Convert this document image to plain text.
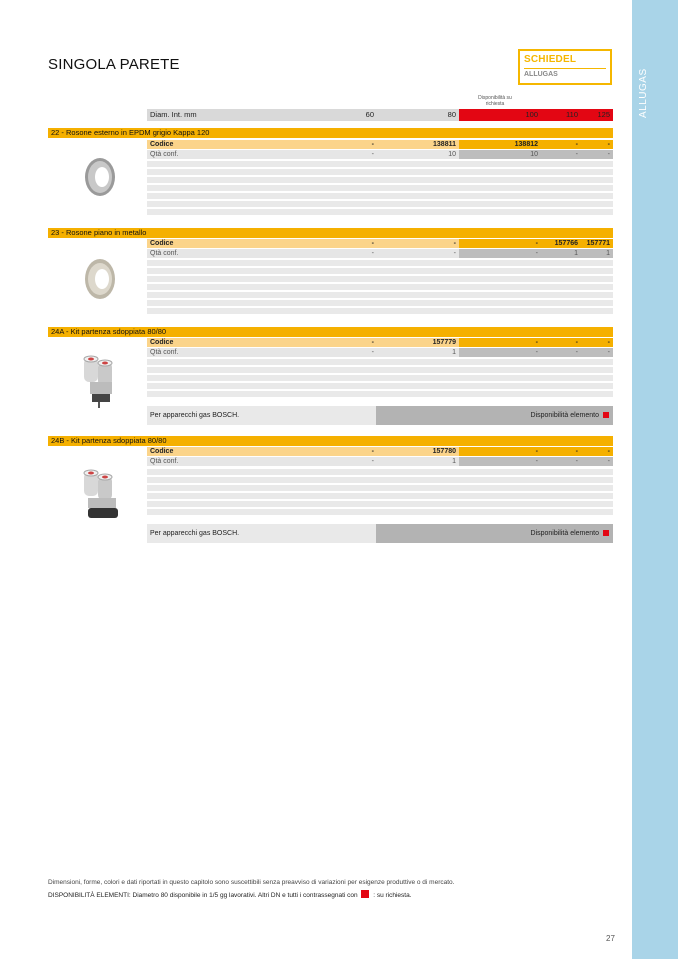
ALLUGAS
SINGOLA PARETE	SCHIEDEL
ALLUGAS
Disponibilità su richiesta
Diam. Int. mm	60	80	100	110	125
22 - Rosone esterno in EPDM grigio Kappa 120
Codice	-	138811	138812	-	-
Qtà conf.	-	10	10	-	-
23 - Rosone piano in metallo
Codice	-	-	-	157766	157771
Qtà conf.	-	-	-	1	1
24A - Kit partenza sdoppiata 80/80
Codice	-	157779	-	-	-
Qtà conf.	-	1	-	-	-
Per apparecchi gas BOSCH.	Disponibilità elemento
24B - Kit partenza sdoppiata 80/80
Codice	-	157780	-	-	-
Qtà conf.	-	1	-	-	-
Per apparecchi gas BOSCH.	Disponibilità elemento
Dimensioni, forme, colori e dati riportati in questo capitolo sono suscettibili senza preavviso di variazioni per esigenze produttive o di mercato.
DISPONIBILITÀ ELEMENTI: Diametro 80 disponibile in 1/5 gg lavorativi. Altri DN e tutti i contrassegnati con : su richiesta.
27
